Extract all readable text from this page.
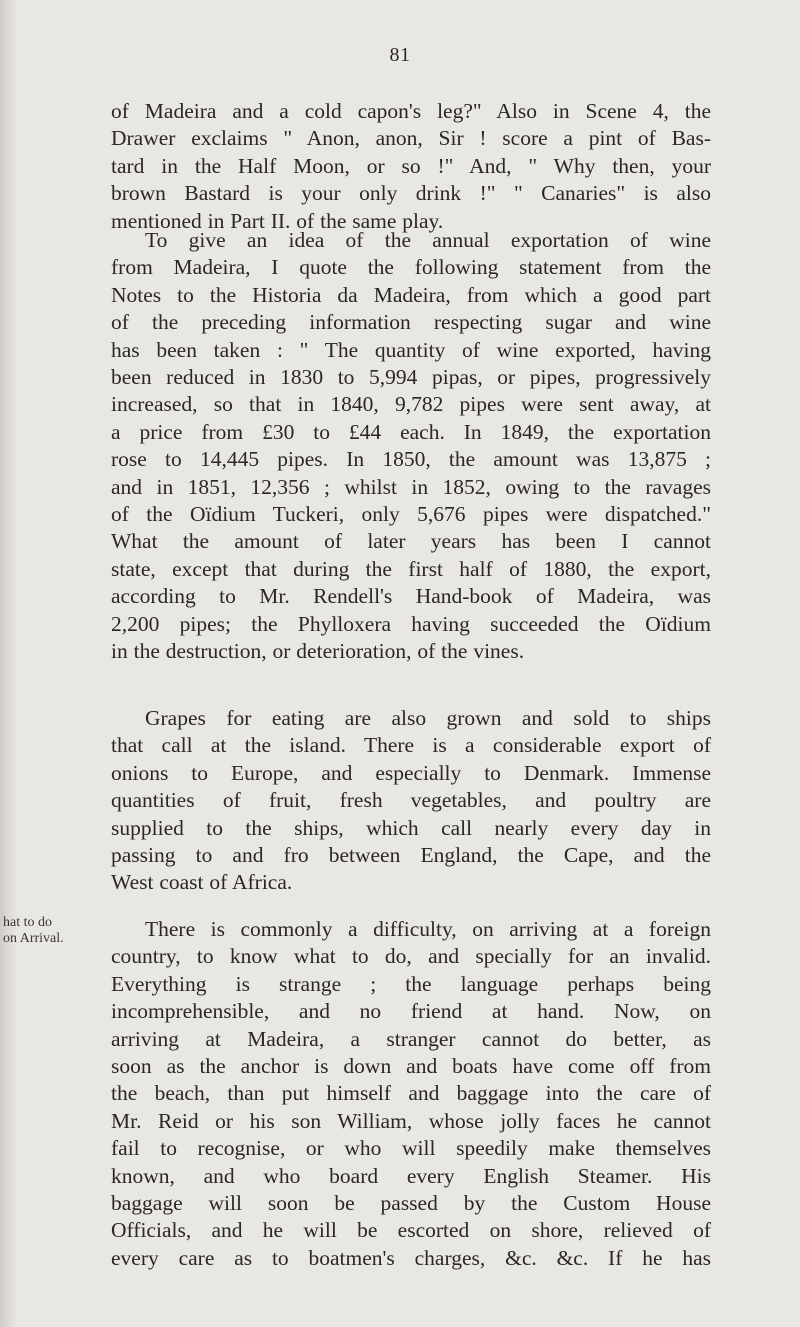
81
of Madeira and a cold capon's leg?" Also in Scene 4, the
Drawer exclaims " Anon, anon, Sir ! score a pint of Bas-
tard in the Half Moon, or so !" And, " Why then, your
brown Bastard is your only drink !" " Canaries" is also
mentioned in Part II. of the same play.
To give an idea of the annual exportation of wine
from Madeira, I quote the following statement from the
Notes to the Historia da Madeira, from which a good part
of the preceding information respecting sugar and wine
has been taken : " The quantity of wine exported, having
been reduced in 1830 to 5,994 pipas, or pipes, progressively
increased, so that in 1840, 9,782 pipes were sent away, at
a price from £30 to £44 each. In 1849, the exportation
rose to 14,445 pipes. In 1850, the amount was 13,875 ;
and in 1851, 12,356 ; whilst in 1852, owing to the ravages
of the Oïdium Tuckeri, only 5,676 pipes were dispatched."
What the amount of later years has been I cannot
state, except that during the first half of 1880, the export,
according to Mr. Rendell's Hand-book of Madeira, was
2,200 pipes; the Phylloxera having succeeded the Oïdium
in the destruction, or deterioration, of the vines.
Grapes for eating are also grown and sold to ships
that call at the island. There is a considerable export of
onions to Europe, and especially to Denmark. Immense
quantities of fruit, fresh vegetables, and poultry are
supplied to the ships, which call nearly every day in
passing to and fro between England, the Cape, and the
West coast of Africa.
hat to do
on Arrival.	There is commonly a difficulty, on arriving at a foreign
country, to know what to do, and specially for an invalid.
Everything is strange ; the language perhaps being
incomprehensible, and no friend at hand. Now, on
arriving at Madeira, a stranger cannot do better, as
soon as the anchor is down and boats have come off from
the beach, than put himself and baggage into the care of
Mr. Reid or his son William, whose jolly faces he cannot
fail to recognise, or who will speedily make themselves
known, and who board every English Steamer. His
baggage will soon be passed by the Custom House
Officials, and he will be escorted on shore, relieved of
every care as to boatmen's charges, &c. &c. If he has
